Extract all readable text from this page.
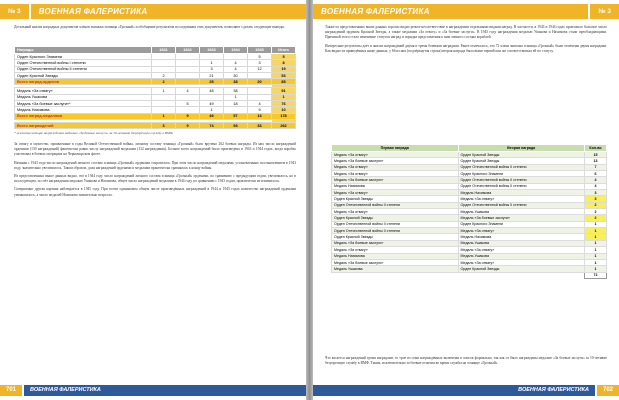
№ 3	ВОЕННАЯ ФАЛЕРИСТИКА
Детальный анализ наградных документов членов экипажа эсминца «Грозный» и обобщение результатов исследования этих документов, позволяют сделать следующие выводы.
Награды	1941	1942	1943	1944	1945	Итого
Орден Красного Знамени					5	5
Орден Отечественной войны I степени			1	4	3	8
Орден Отечественной войны II степени			3	4	12	19
Орден Красной Звезды	2		21	30		53
Всего наград-орденов	2		25	38	20	85

Медаль «За отвагу»	1	4	48	38		91
Медаль Ушакова				1		1
Медаль «За боевые заслуги»*		5	49	18	4	76
Медаль Нахимова			1		9	10
Всего наград-медалями	1	9	49	57	13	178

Всего награждений	3	9	74	93	33	262
* исключая четыре награждения медалью «За боевые заслуги» за 10-летнюю безупречную службу в ВМФ

За отвагу и мужество, проявленные в годы Великой Отечественной войны, личному составу эсминца «Грозный» было вручено 262 боевых награды. Из них число награждений орденами (130 награждений) фактически равно числу награждений медалями (132 награждения). Больше всего награждений было произведено в 1943 и 1944 годах, когда корабль участвовал в боевых операциях на Черноморском флоте.

Начиная с 1943 года число награждений личного состава эсминца «Грозный» орденами сократилось. При этом число награждений медалями, установленных постановлением в 1943 году, значительно увеличилось. Таким образом, доля награждений орденами и медалями практически сравнялась к концу войны.

Из представленных выше данных видно, что в 1944 году число награждений личного состава эсминца «Грозный» орденами, по сравнению с предыдущим годом, увеличилось, но в последующем, за счёт награждения медалью Ушакова и Нахимова, общее число награждений медалями в 1944 году по сравнению с 1943 годом, практически не изменилось.

Совершенно другая картина наблюдается в 1945 году. При почти одинаковом общем числе произведённых награждений в 1944 и 1945 годах количество награждений орденами уменьшилось, а число медалей Нахимова значительно возросло.

701	ВОЕННАЯ ФАЛЕРИСТИКА
ВОЕННАЯ ФАЛЕРИСТИКА	№ 3

Также из представленных выше данных хорошо видно резкое несоответствие в награждении отдельными видами наград. В частности, в 1943 и 1944 годах произошло большое число награждений орденом Красной Звезды, а также медалями «За отвагу» и «За боевые заслуги». В 1945 году награждения медалью Ушакова и Нахимова стали преобладающими. Причиной этого стало изменение статутов наград и порядка представления к ним личного состава кораблей.

Интересные результаты даёт и анализ награждений двумя и тремя боевыми наградами. Ранее отмечалось, что 72 члена экипажа эсминца «Грозный» были отмечены двумя наградами. Как видно из приведённых ниже данных, у 66 из них (подчёркнутая строка) вторая награда была выше первой или же соответствовала ей по статусу.

Первая награда	Вторая награда	Кол-во
Медаль «За отвагу»	Орден Красной Звезды	15
Медаль «За боевые заслуги»	Орден Красной Звезды	13
Медаль «За отвагу»	Орден Отечественной войны II степени	7
Медаль «За отвагу»	Орден Красного Знамени	6
Медаль «За боевые заслуги»	Орден Отечественной войны II степени	4
Медаль Нахимова	Орден Отечественной войны II степени	4
Медаль «За отвагу»	Медаль Нахимова	3
Орден Красной Звезды	Медаль «За отвагу»	3
Орден Отечественной войны II степени	Орден Отечественной войны II степени	2
Медаль «За отвагу»	Медаль Ушакова	2
Орден Красной Звезды	Медаль «За боевые заслуги»	2
Орден Отечественной войны II степени	Орден Красного Знамени	1
Орден Отечественной войны II степени	Медаль «За отвагу»	1
Орден Красной Звезды	Медаль Нахимова	1
Медаль «За боевые заслуги»	Медаль Ушакова	1
Медаль «За отвагу»	Медаль «За отвагу»	1
Медаль Нахимова	Медаль Ушакова	1
Медаль «За боевые заслуги»	Медаль «За отвагу»	1
Медаль Ушакова	Орден Красной Звезды	1
		72
Что касается награждений тремя наградами, то трое из семи награждённых включены в список формально, так как от было награждены медалью «За боевые заслуги» за 10-летнюю безупречную службу в ВМФ. Таким, исключительно за боевые отличия во время службы на эсминце «Грозный».
ВОЕННАЯ ФАЛЕРИСТИКА	702
